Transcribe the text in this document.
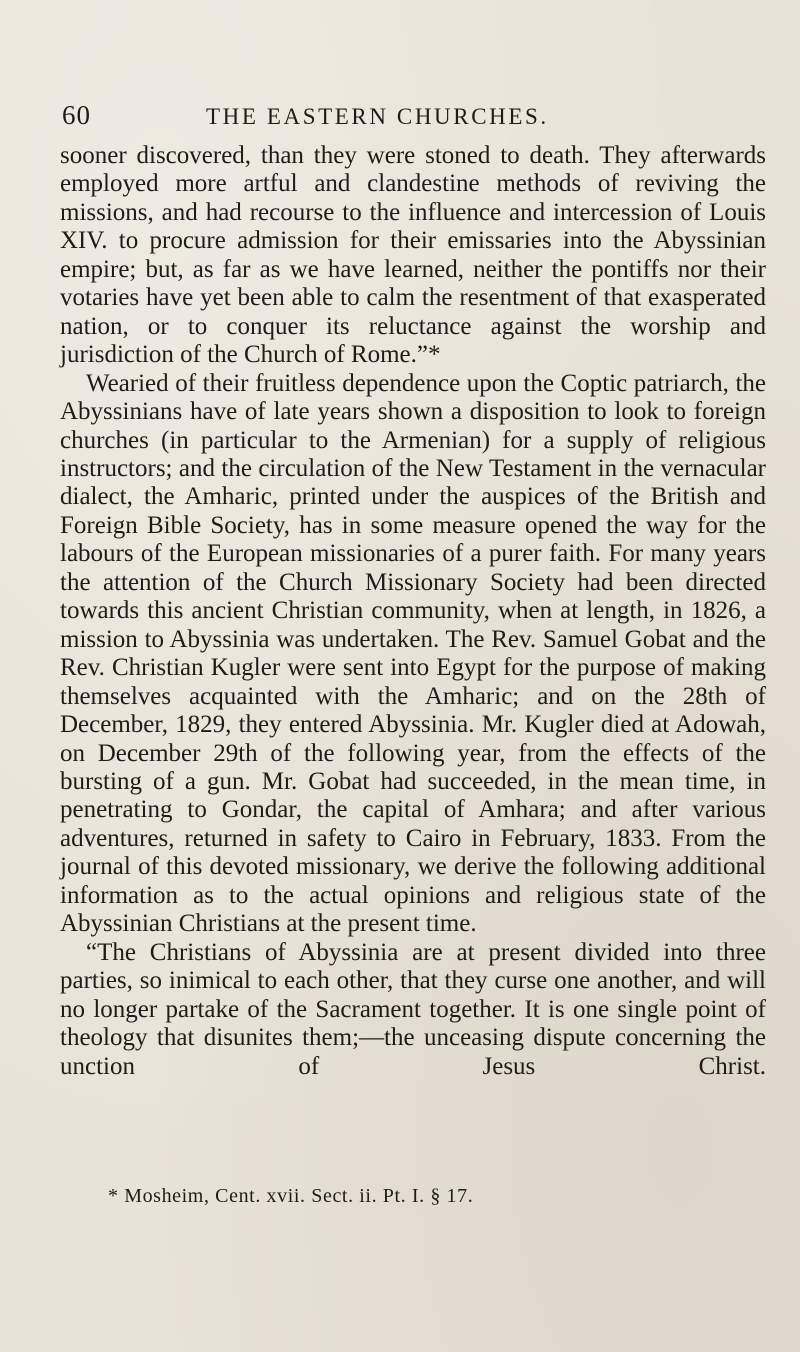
60	THE EASTERN CHURCHES.

sooner discovered, than they were stoned to death. They afterwards employed more artful and clandestine methods of reviving the missions, and had recourse to the influence and intercession of Louis XIV. to procure admission for their emissaries into the Abyssinian empire; but, as far as we have learned, neither the pontiffs nor their votaries have yet been able to calm the resentment of that exasperated nation, or to conquer its reluctance against the worship and jurisdiction of the Church of Rome.”*

Wearied of their fruitless dependence upon the Coptic patriarch, the Abyssinians have of late years shown a disposition to look to foreign churches (in particular to the Armenian) for a supply of religious instructors; and the circulation of the New Testament in the vernacular dialect, the Amharic, printed under the auspices of the British and Foreign Bible Society, has in some measure opened the way for the labours of the European missionaries of a purer faith. For many years the attention of the Church Missionary Society had been directed towards this ancient Christian community, when at length, in 1826, a mission to Abyssinia was undertaken. The Rev. Samuel Gobat and the Rev. Christian Kugler were sent into Egypt for the purpose of making themselves acquainted with the Amharic; and on the 28th of December, 1829, they entered Abyssinia. Mr. Kugler died at Adowah, on December 29th of the following year, from the effects of the bursting of a gun. Mr. Gobat had succeeded, in the mean time, in penetrating to Gondar, the capital of Amhara; and after various adventures, returned in safety to Cairo in February, 1833. From the journal of this devoted missionary, we derive the following additional information as to the actual opinions and religious state of the Abyssinian Christians at the present time.

“The Christians of Abyssinia are at present divided into three parties, so inimical to each other, that they curse one another, and will no longer partake of the Sacrament together. It is one single point of theology that disunites them;—the unceasing dispute concerning the unction of Jesus Christ.

* Mosheim, Cent. xvii. Sect. ii. Pt. I. § 17.
